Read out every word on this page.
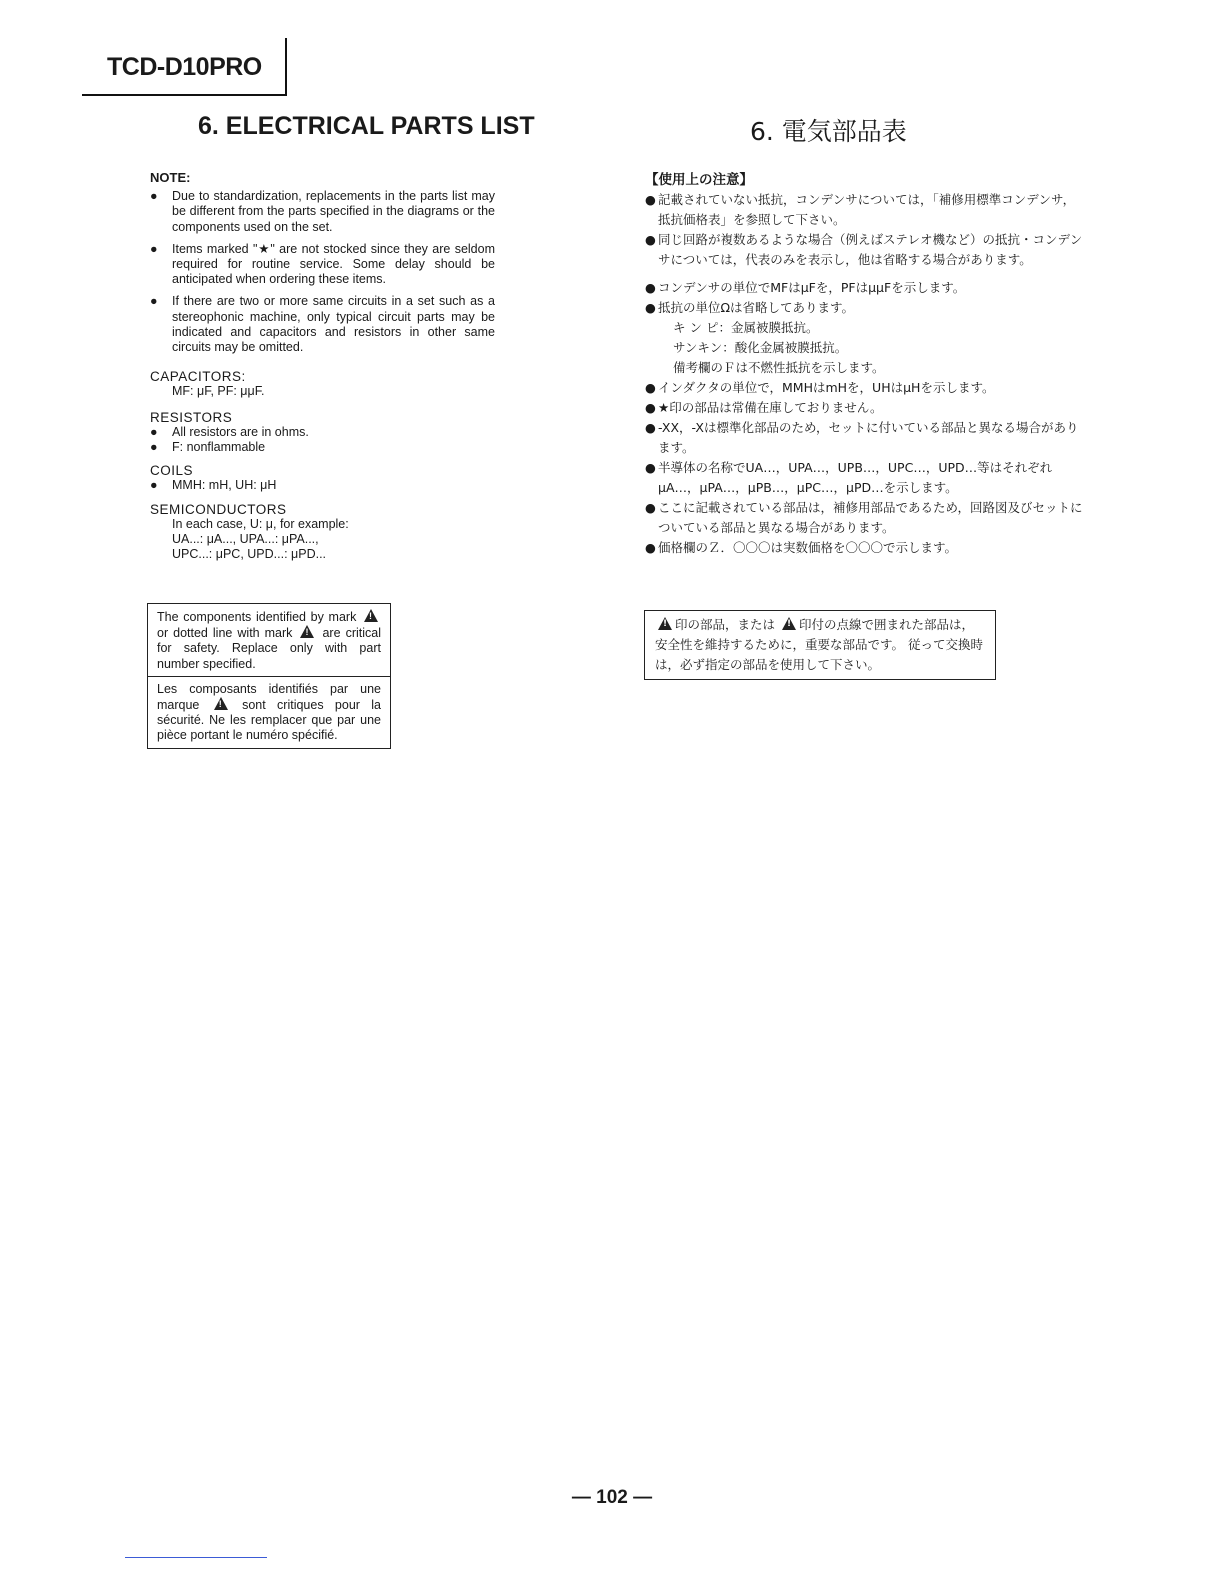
TCD-D10PRO
6. ELECTRICAL PARTS LIST	6. 電気部品表
NOTE:
● Due to standardization, replacements in the parts list may be different from the parts specified in the diagrams or the components used on the set.
● Items marked "★" are not stocked since they are seldom required for routine service. Some delay should be anticipated when ordering these items.
● If there are two or more same circuits in a set such as a stereophonic machine, only typical circuit parts may be indicated and capacitors and resistors in other same circuits may be omitted.
CAPACITORS:
MF: μF, PF: μμF.
RESISTORS
● All resistors are in ohms.
● F: nonflammable
COILS
● MMH: mH, UH: μH
SEMICONDUCTORS
In each case, U: μ, for example:
UA...: μA..., UPA...: μPA...,
UPC...: μPC, UPD...: μPD...
The components identified by mark ! or dotted line with mark ! are critical for safety. Replace only with part number specified.
Les composants identifiés par une marque !	sont critiques pour la sécurité. Ne les remplacer que par une pièce portant le numéro spécifié.
【使用上の注意】
● 記載されていない抵抗，コンデンサについては，「補修用標準コンデンサ，抵抗価格表」を参照して下さい。
● 同じ回路が複数あるような場合（例えばステレオ機など）の抵抗・コンデンサについては，代表のみを表示し，他は省略する場合があります。
● コンデンサの単位でMFはμFを，PFはμμFを示します。
● 抵抗の単位Ωは省略してあります。
キ ン ピ：金属被膜抵抗。
サンキン：酸化金属被膜抵抗。
備考欄のＦは不燃性抵抗を示します。
● インダクタの単位で，MMHはmHを，UHはμHを示します。
● ★印の部品は常備在庫しておりません。
● -XX，-Xは標準化部品のため，セットに付いている部品と異なる場合があります。
● 半導体の名称でUA…，UPA…，UPB…，UPC…，UPD…等はそれぞれμA…，μPA…，μPB…，μPC…，μPD…を示します。
● ここに記載されている部品は，補修用部品であるため，回路図及びセットについている部品と異なる場合があります。
● 価格欄のＺ．〇〇〇は実数価格を〇〇〇で示します。
!印の部品，または ! 印付の点線で囲まれた部品は，安全性を維持するために，重要な部品です。 従って交換時は，必ず指定の部品を使用して下さい。
— 102 —
